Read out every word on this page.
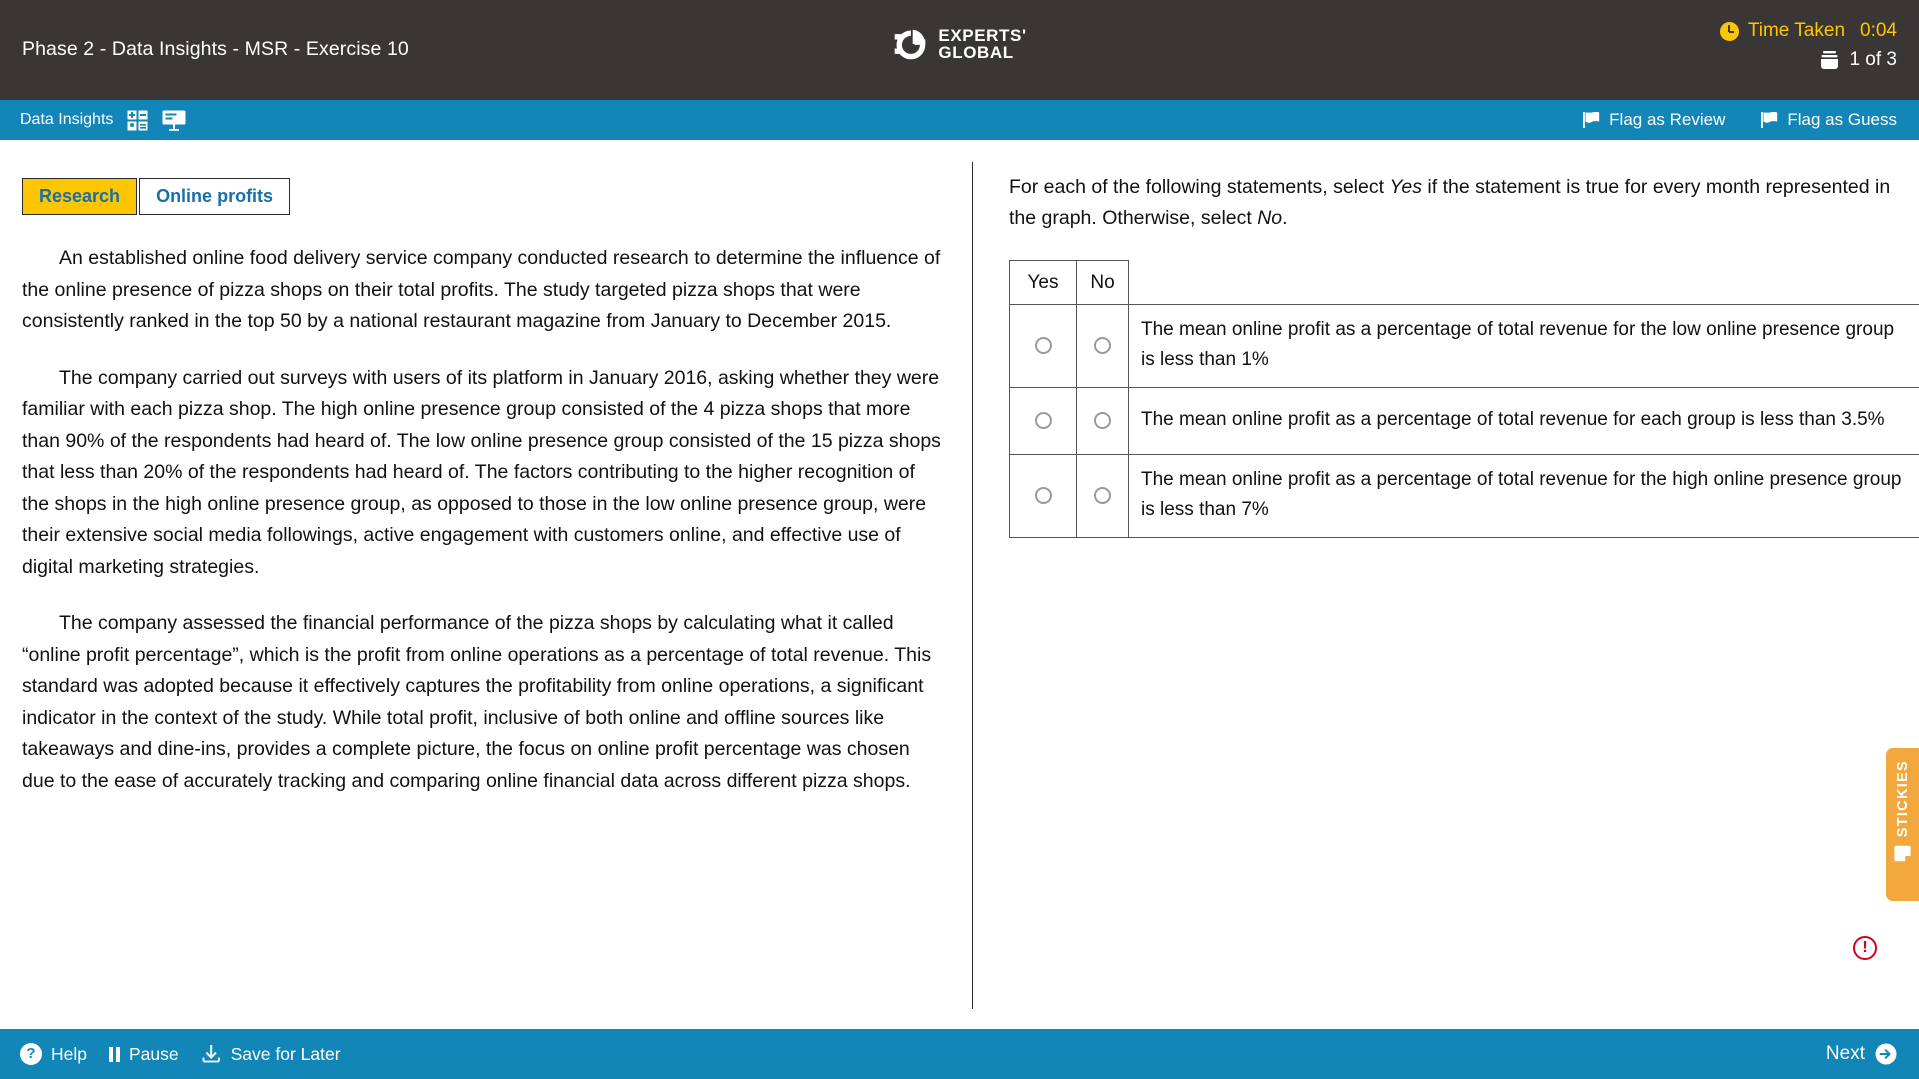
Phase 2 - Data Insights - MSR - Exercise 10
EXPERTS'
GLOBAL
Time Taken 0:04
1 of 3
Data Insights	Flag as Review	Flag as Guess
Research	Online profits

An established online food delivery service company conducted research to determine the influence of the online presence of pizza shops on their total profits. The study targeted pizza shops that were consistently ranked in the top 50 by a national restaurant magazine from January to December 2015.

The company carried out surveys with users of its platform in January 2016, asking whether they were familiar with each pizza shop. The high online presence group consisted of the 4 pizza shops that more than 90% of the respondents had heard of. The low online presence group consisted of the 15 pizza shops that less than 20% of the respondents had heard of. The factors contributing to the higher recognition of the shops in the high online presence group, as opposed to those in the low online presence group, were their extensive social media followings, active engagement with customers online, and effective use of digital marketing strategies.

The company assessed the financial performance of the pizza shops by calculating what it called “online profit percentage”, which is the profit from online operations as a percentage of total revenue. This standard was adopted because it effectively captures the profitability from online operations, a significant indicator in the context of the study. While total profit, inclusive of both online and offline sources like takeaways and dine-ins, provides a complete picture, the focus on online profit percentage was chosen due to the ease of accurately tracking and comparing online financial data across different pizza shops.

For each of the following statements, select Yes if the statement is true for every month represented in the graph. Otherwise, select No.
Yes	No	
		The mean online profit as a percentage of total revenue for the low online presence group is less than 1%
		The mean online profit as a percentage of total revenue for each group is less than 3.5%
		The mean online profit as a percentage of total revenue for the high online presence group is less than 7%
STICKIES
!
? Help Pause	Save for Later	Next
